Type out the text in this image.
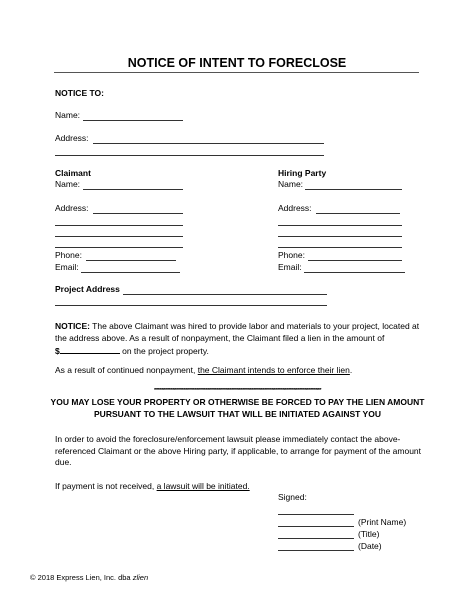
NOTICE OF INTENT TO FORECLOSE
NOTICE TO:
Name:
Address:
Claimant
Name:
Address:
Phone:
Email:
Hiring Party
Name:
Address:
Phone:
Email:
Project Address
NOTICE: The above Claimant was hired to provide labor and materials to your project, located at the address above. As a result of nonpayment, the Claimant filed a lien in the amount of
$	on the project property.
As a result of continued nonpayment, the Claimant intends to enforce their lien.
*******************************************************************************************
YOU MAY LOSE YOUR PROPERTY OR OTHERWISE BE FORCED TO PAY THE LIEN AMOUNT PURSUANT TO THE LAWSUIT THAT WILL BE INITIATED AGAINST YOU
In order to avoid the foreclosure/enforcement lawsuit please immediately contact the above-referenced Claimant or the above Hiring party, if applicable, to arrange for payment of the amount due.
If payment is not received, a lawsuit will be initiated.
Signed:
(Print Name)
(Title)
(Date)
© 2018 Express Lien, Inc. dba zlien
